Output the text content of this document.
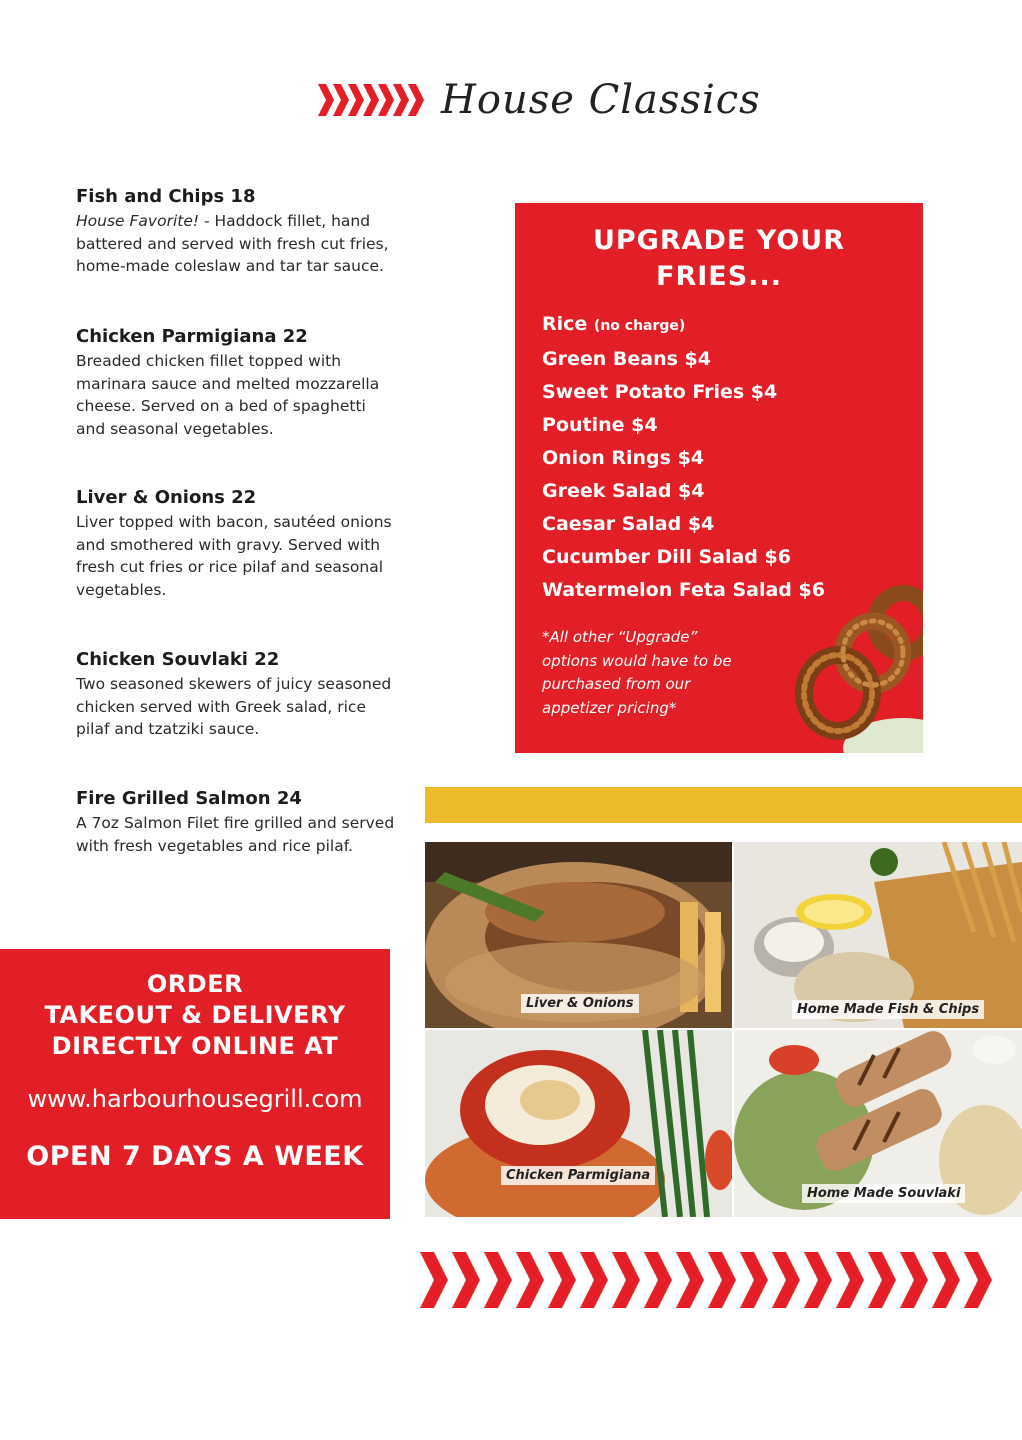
House Classics
Fish and Chips 18
House Favorite! - Haddock fillet, hand battered and served with fresh cut fries, home-made coleslaw and tar tar sauce.
Chicken Parmigiana 22
Breaded chicken fillet topped with marinara sauce and melted mozzarella cheese. Served on a bed of spaghetti and seasonal vegetables.
Liver & Onions 22
Liver topped with bacon, sautéed onions and smothered with gravy. Served with fresh cut fries or rice pilaf and seasonal vegetables.
Chicken Souvlaki 22
Two seasoned skewers of juicy seasoned chicken served with Greek salad, rice pilaf and tzatziki sauce.
Fire Grilled Salmon 24
A 7oz Salmon Filet fire grilled and served with fresh vegetables and rice pilaf.
UPGRADE YOUR
FRIES...
Rice (no charge)
Green Beans $4
Sweet Potato Fries $4
Poutine $4
Onion Rings $4
Greek Salad $4
Caesar Salad $4
Cucumber Dill Salad $6
Watermelon Feta Salad $6
*All other “Upgrade” options would have to be purchased from our appetizer pricing*
Liver & Onions	Home Made Fish & Chips
Chicken Parmigiana
Home Made Souvlaki
ORDER
TAKEOUT & DELIVERY
DIRECTLY ONLINE AT
www.harbourhousegrill.com
OPEN 7 DAYS A WEEK
